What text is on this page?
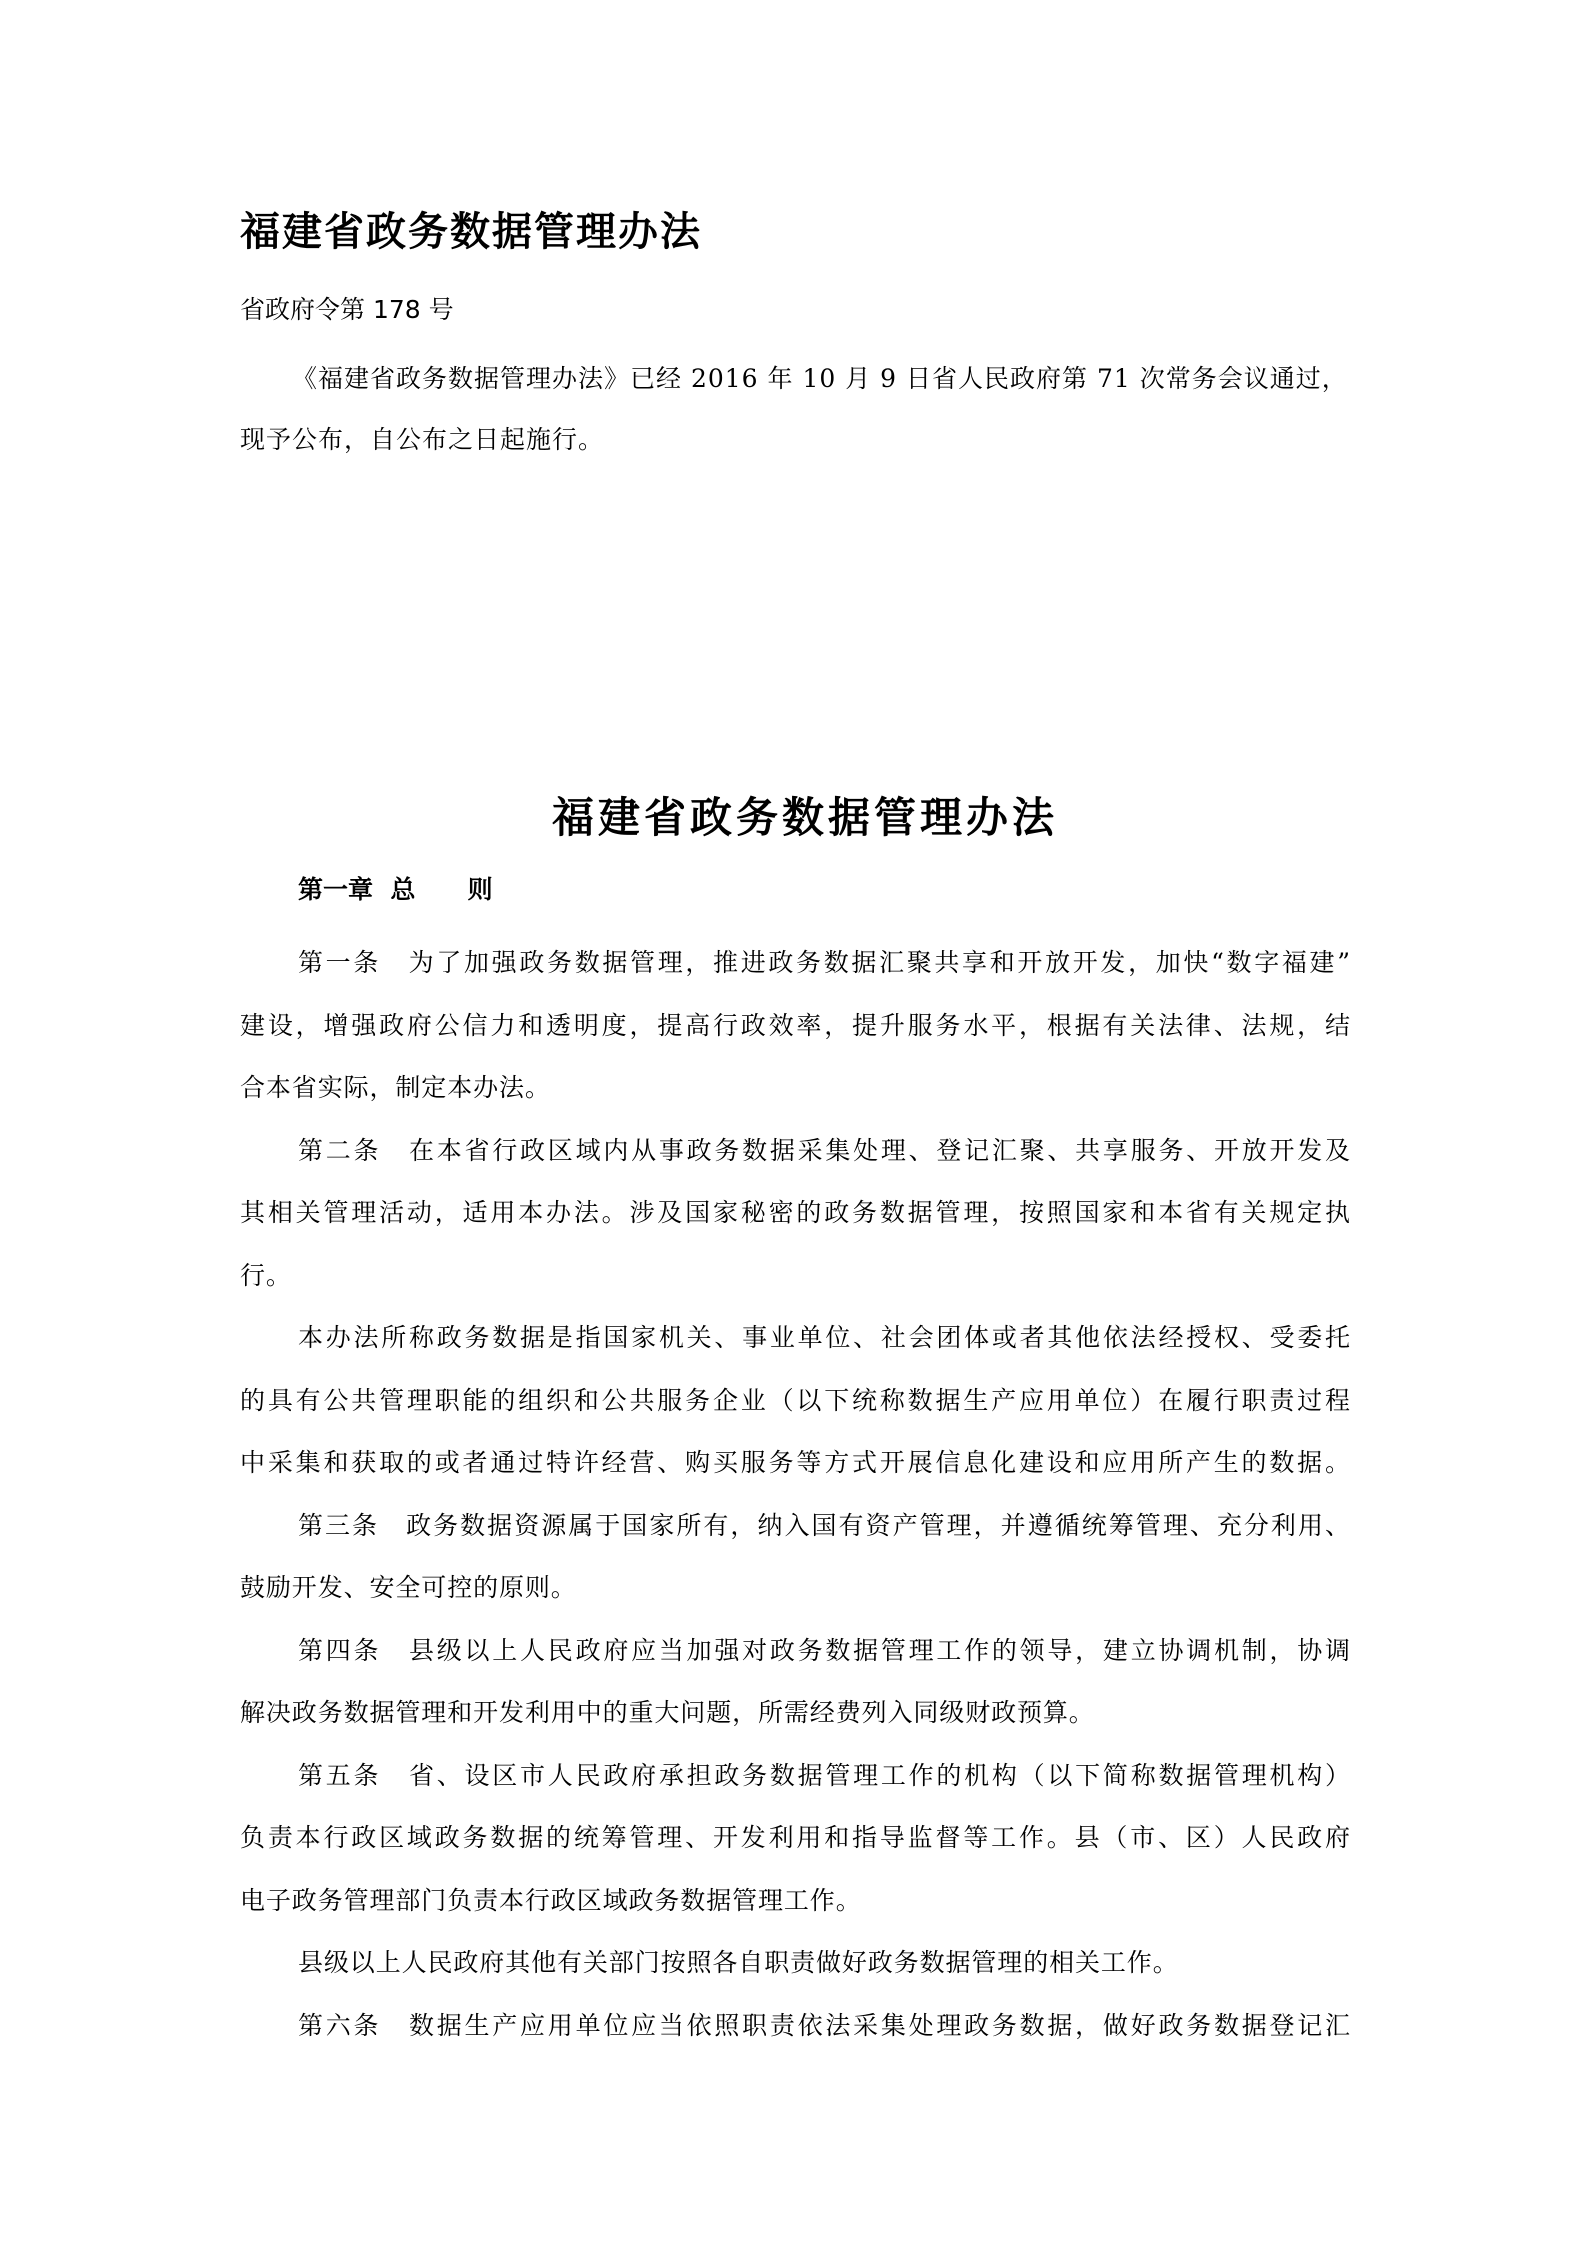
福建省政务数据管理办法
省政府令第 178 号
《福建省政务数据管理办法》已经 2016 年 10 月 9 日省人民政府第 71 次常务会议通过，
现予公布，自公布之日起施行。
福建省政务数据管理办法
第一章  总      则
第一条　为了加强政务数据管理，推进政务数据汇聚共享和开放开发，加快“数字福建”
建设，增强政府公信力和透明度，提高行政效率，提升服务水平，根据有关法律、法规，结
合本省实际，制定本办法。
第二条　在本省行政区域内从事政务数据采集处理、登记汇聚、共享服务、开放开发及
其相关管理活动，适用本办法。涉及国家秘密的政务数据管理，按照国家和本省有关规定执
行。
本办法所称政务数据是指国家机关、事业单位、社会团体或者其他依法经授权、受委托
的具有公共管理职能的组织和公共服务企业（以下统称数据生产应用单位）在履行职责过程
中采集和获取的或者通过特许经营、购买服务等方式开展信息化建设和应用所产生的数据。
第三条　政务数据资源属于国家所有，纳入国有资产管理，并遵循统筹管理、充分利用、
鼓励开发、安全可控的原则。
第四条　县级以上人民政府应当加强对政务数据管理工作的领导，建立协调机制，协调
解决政务数据管理和开发利用中的重大问题，所需经费列入同级财政预算。
第五条　省、设区市人民政府承担政务数据管理工作的机构（以下简称数据管理机构）
负责本行政区域政务数据的统筹管理、开发利用和指导监督等工作。县（市、区）人民政府
电子政务管理部门负责本行政区域政务数据管理工作。
县级以上人民政府其他有关部门按照各自职责做好政务数据管理的相关工作。
第六条　数据生产应用单位应当依照职责依法采集处理政务数据，做好政务数据登记汇
